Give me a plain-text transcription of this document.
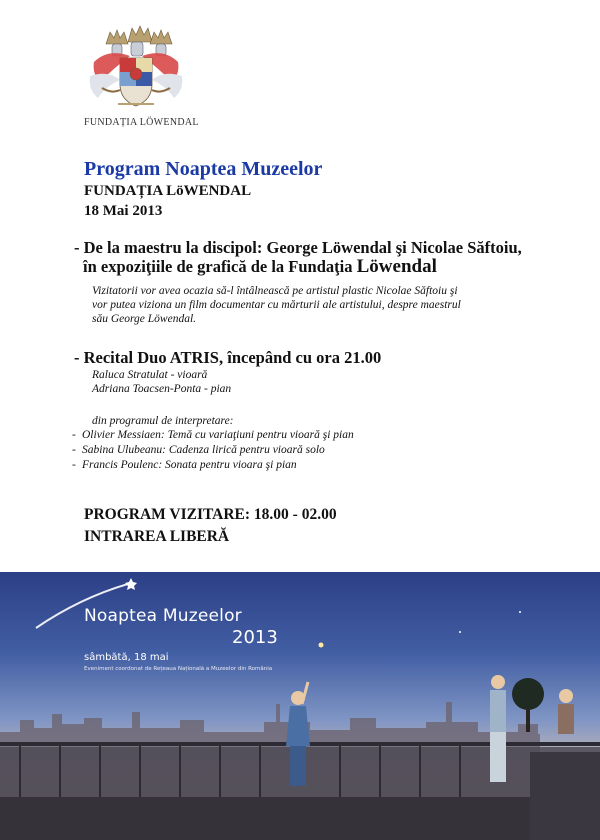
FUNDAȚIA LÖWENDAL
Program Noaptea Muzeelor
FUNDAȚIA LöWENDAL
18 Mai 2013
- De la maestru la discipol: George Löwendal şi Nicolae Săftoiu,
în expoziţiile de grafică de la Fundaţia Löwendal
Vizitatorii vor avea ocazia să-l întâlnească pe artistul plastic Nicolae Săftoiu şi
vor putea viziona un film documentar cu mărturii ale artistului, despre maestrul
său George Löwendal.
- Recital Duo ATRIS, începând cu ora 21.00
Raluca Stratulat - vioară
Adriana Toacsen-Ponta - pian
din programul de interpretare:
- Olivier Messiaen: Temă cu variaţiuni pentru vioară şi pian
- Sabina Ulubeanu: Cadenza lirică pentru vioară solo
- Francis Poulenc: Sonata pentru vioara şi pian
PROGRAM VIZITARE: 18.00 - 02.00
INTRAREA LIBERĂ
Noaptea Muzeelor
2013
sâmbătă, 18 mai
Eveniment coordonat de Rețeaua Națională a Muzeelor din România
